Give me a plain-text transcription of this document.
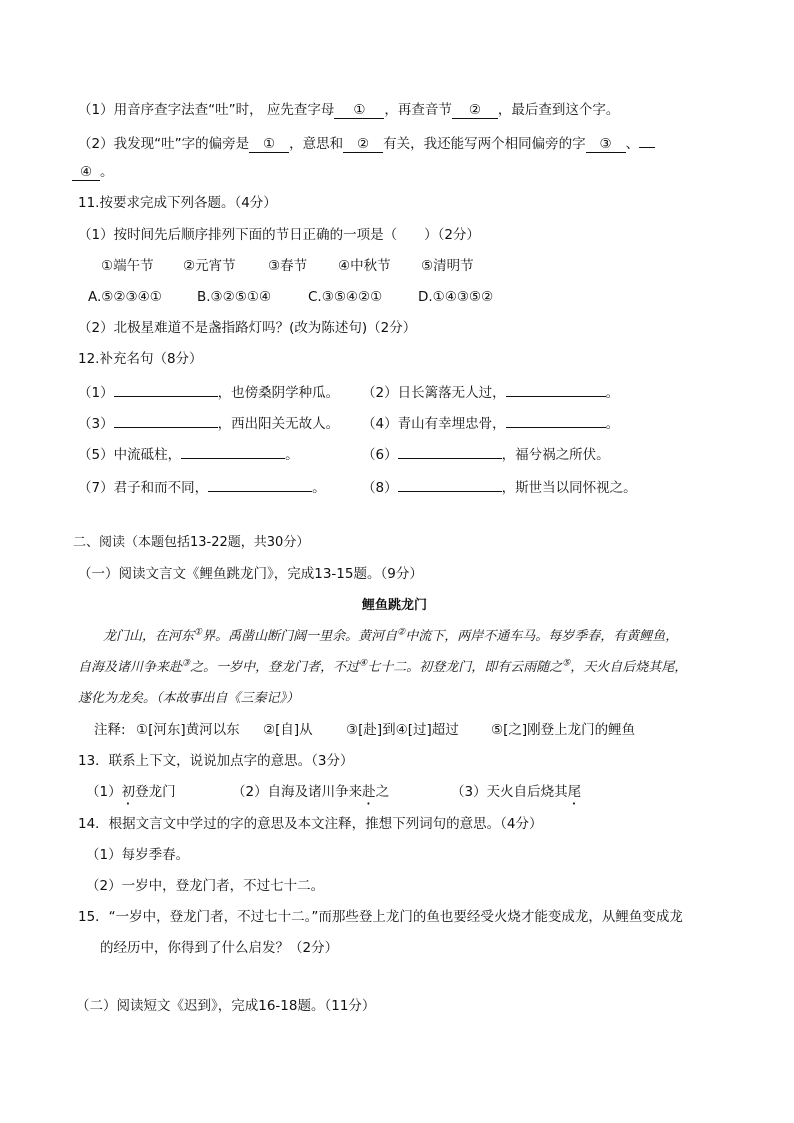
（1）用音序查字法查“吐”时， 应先查字母 ① ，再查音节 ② ，最后查到这个字。
（2）我发现“吐”字的偏旁是 ① ，意思和 ② 有关，我还能写两个相同偏旁的字 ③ 、
④ 。
11.按要求完成下列各题。（4分）
（1）按时间先后顺序排列下面的节日正确的一项是（　　）（2分）
①端午节 ②元宵节 ③春节 ④中秋节 ⑤清明节
A.⑤②③④①	B.③②⑤①④	C.③⑤④②①	D.①④③⑤②
（2）北极星难道不是盏指路灯吗？(改为陈述句)（2分）
12.补充名句（8分）
（1）	，也傍桑阴学种瓜。 （2）日长篱落无人过，	。
（3）	，西出阳关无故人。 （4）青山有幸埋忠骨，	。
（5）中流砥柱，	。	（6）	，福兮祸之所伏。
（7）君子和而不同，	。	（8）	，斯世当以同怀视之。
二、阅读（本题包括13-22题，共30分）
（一）阅读文言文《鲤鱼跳龙门》，完成13-15题。（9分）
鲤鱼跳龙门
龙门山，在河东①界。禹凿山断门阔一里余。黄河自②中流下，两岸不通车马。每岁季春，有黄鲤鱼，
自海及诸川争来赴③之。一岁中，登龙门者，不过④七十二。初登龙门，即有云雨随之⑤，天火自后烧其尾，
遂化为龙矣。（本故事出自《三秦记》）
注释: ①[河东]黄河以东 ②[自]从 ③[赴]到④[过]超过 ⑤[之]刚登上龙门的鲤鱼
13．联系上下文，说说加点字的意思。（3分）
（1）初登龙门	（2）自海及诸川争来赴之	（3）天火自后烧其尾
14．根据文言文中学过的字的意思及本文注释，推想下列词句的意思。（4分）
（1）每岁季春。
（2）一岁中，登龙门者，不过七十二。
15．“一岁中，登龙门者，不过七十二。”而那些登上龙门的鱼也要经受火烧才能变成龙，从鲤鱼变成龙
的经历中，你得到了什么启发？（2分）
（二）阅读短文《迟到》，完成16-18题。（11分）
